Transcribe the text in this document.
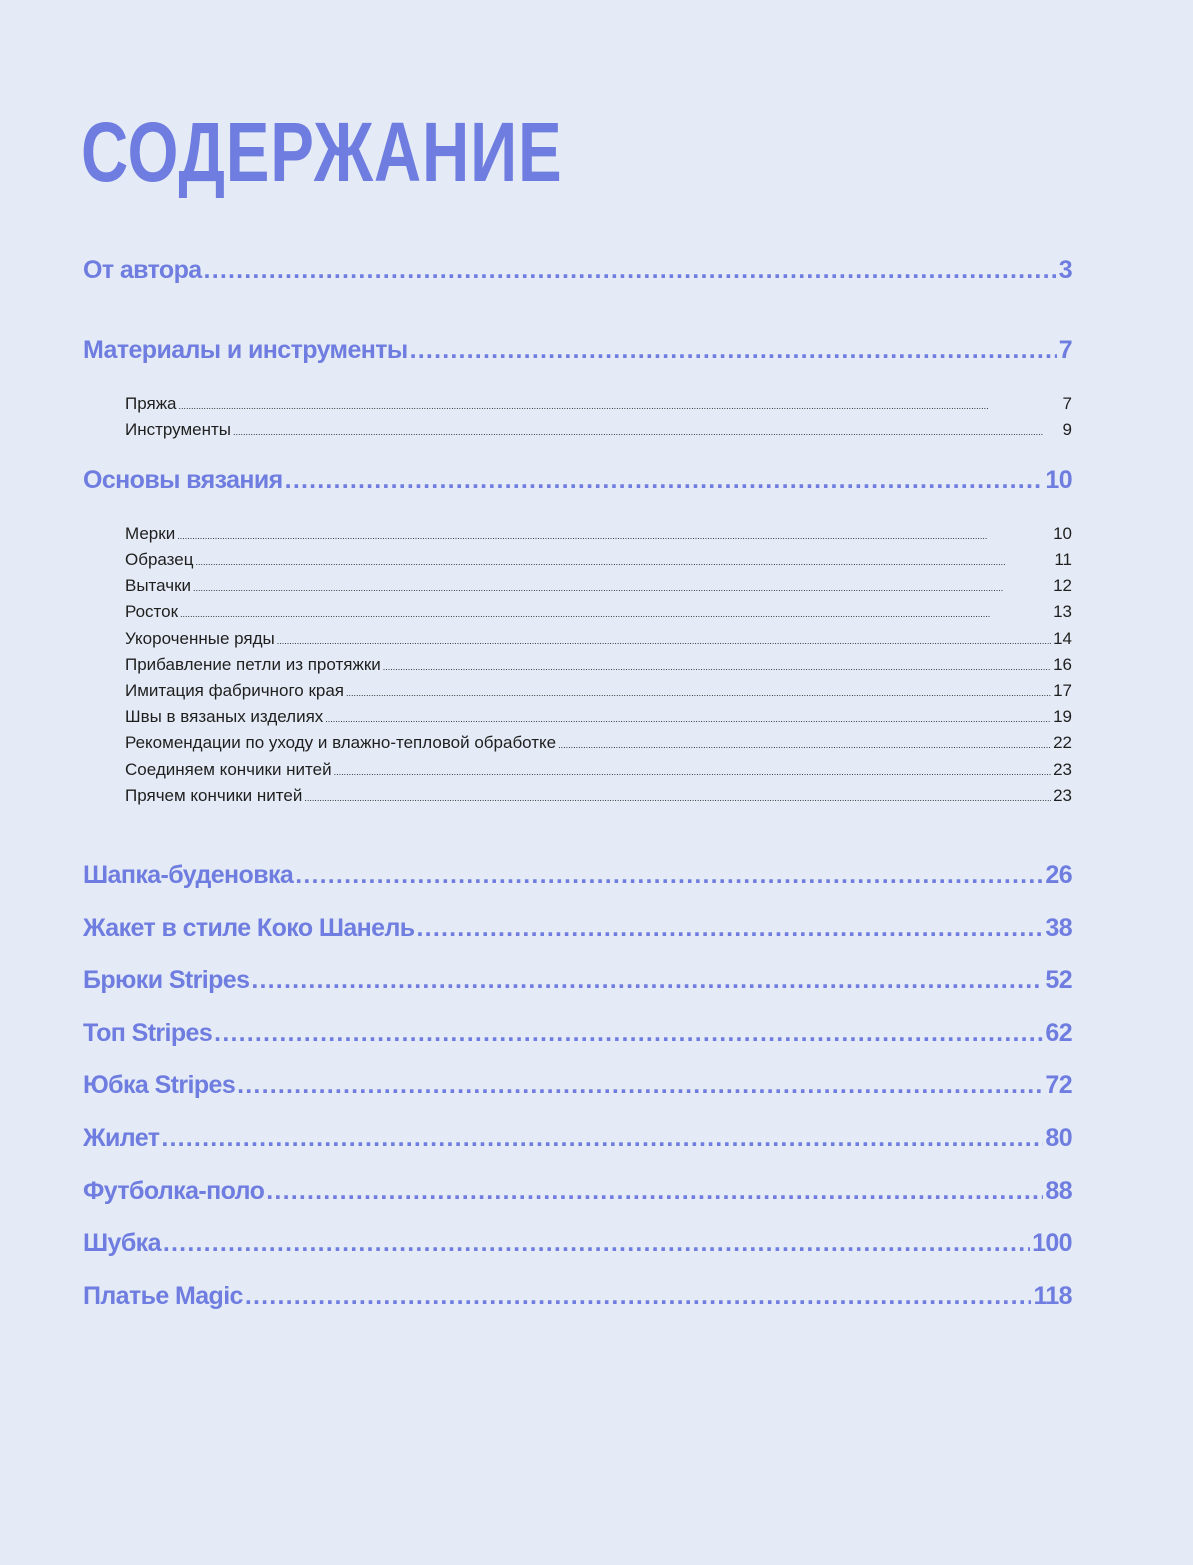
СОДЕРЖАНИЕ
От автора .....	3
Материалы и инструменты .....	7
Пряжа .....	7
Инструменты .....	9
Основы вязания .....	10
Мерки .....	10
Образец .....	11
Вытачки .....	12
Росток .....	13
Укороченные ряды .....	14
Прибавление петли из протяжки .....	16
Имитация фабричного края .....	17
Швы в вязаных изделиях .....	19
Рекомендации по уходу и влажно-тепловой обработке .....	22
Соединяем кончики нитей .....	23
Прячем кончики нитей .....	23
Шапка-буденовка .....	26
Жакет в стиле Коко Шанель .....	38
Брюки Stripes .....	52
Топ Stripes .....	62
Юбка Stripes .....	72
Жилет .....	80
Футболка-поло .....	88
Шубка .....	100
Платье Magic .....	118
